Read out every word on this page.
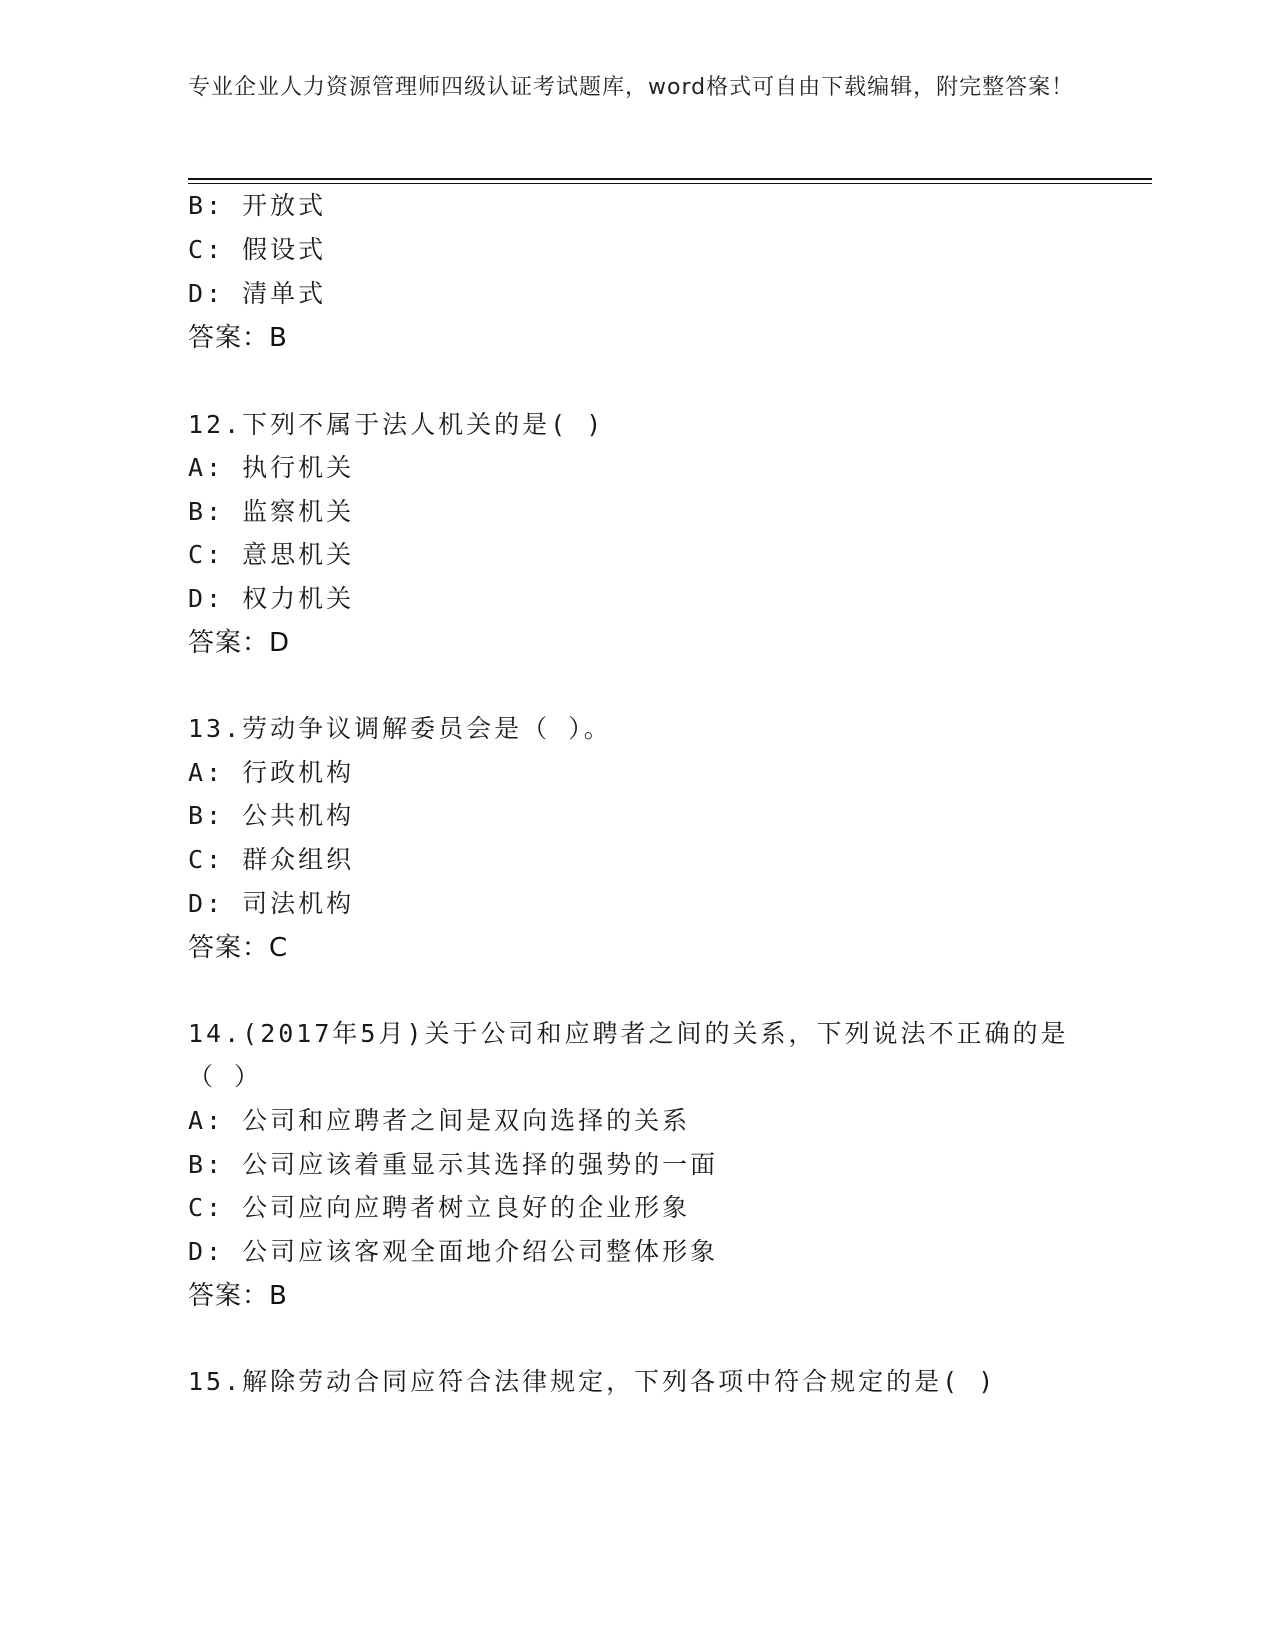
专业企业人力资源管理师四级认证考试题库，word格式可自由下载编辑，附完整答案！
B: 开放式
C: 假设式
D: 清单式
答案：B
12.下列不属于法人机关的是( )
A: 执行机关
B: 监察机关
C: 意思机关
D: 权力机关
答案：D
13.劳动争议调解委员会是（ ）。
A: 行政机构
B: 公共机构
C: 群众组织
D: 司法机构
答案：C
14.(2017年5月)关于公司和应聘者之间的关系，下列说法不正确的是
（ ）
A: 公司和应聘者之间是双向选择的关系
B: 公司应该着重显示其选择的强势的一面
C: 公司应向应聘者树立良好的企业形象
D: 公司应该客观全面地介绍公司整体形象
答案：B
15.解除劳动合同应符合法律规定，下列各项中符合规定的是( )
